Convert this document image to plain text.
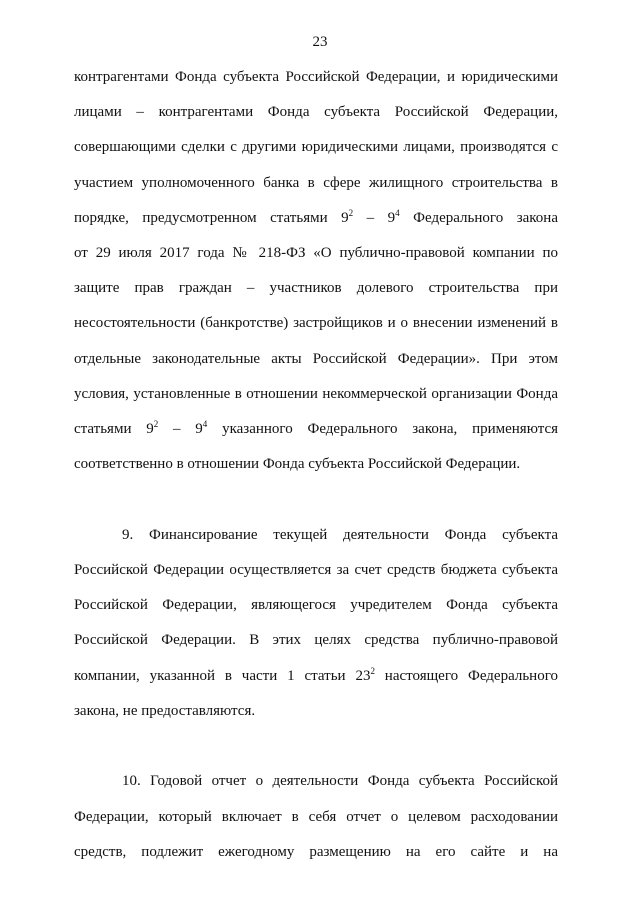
23
контрагентами Фонда субъекта Российской Федерации, и юридическими
лицами – контрагентами Фонда субъекта Российской Федерации,
совершающими сделки с другими юридическими лицами, производятся с
участием уполномоченного банка в сфере жилищного строительства в
порядке, предусмотренном статьями $9^2 - 9^4$ Федерального закона
от 29 июля 2017 года № 218-ФЗ «О публично-правовой компании по
защите прав граждан – участников долевого строительства при
несостоятельности (банкротстве) застройщиков и о внесении изменений в
отдельные законодательные акты Российской Федерации». При этом
условия, установленные в отношении некоммерческой организации Фонда
статьями $9^2 - 9^4$ указанного Федерального закона, применяются
соответственно в отношении Фонда субъекта Российской Федерации.
9. Финансирование текущей деятельности Фонда субъекта
Российской Федерации осуществляется за счет средств бюджета субъекта
Российской Федерации, являющегося учредителем Фонда субъекта
Российской Федерации. В этих целях средства публично-правовой
компании, указанной в части 1 статьи $23^2$ настоящего Федерального
закона, не предоставляются.
10. Годовой отчет о деятельности Фонда субъекта Российской
Федерации, который включает в себя отчет о целевом расходовании
средств, подлежит ежегодному размещению на его сайте и на
